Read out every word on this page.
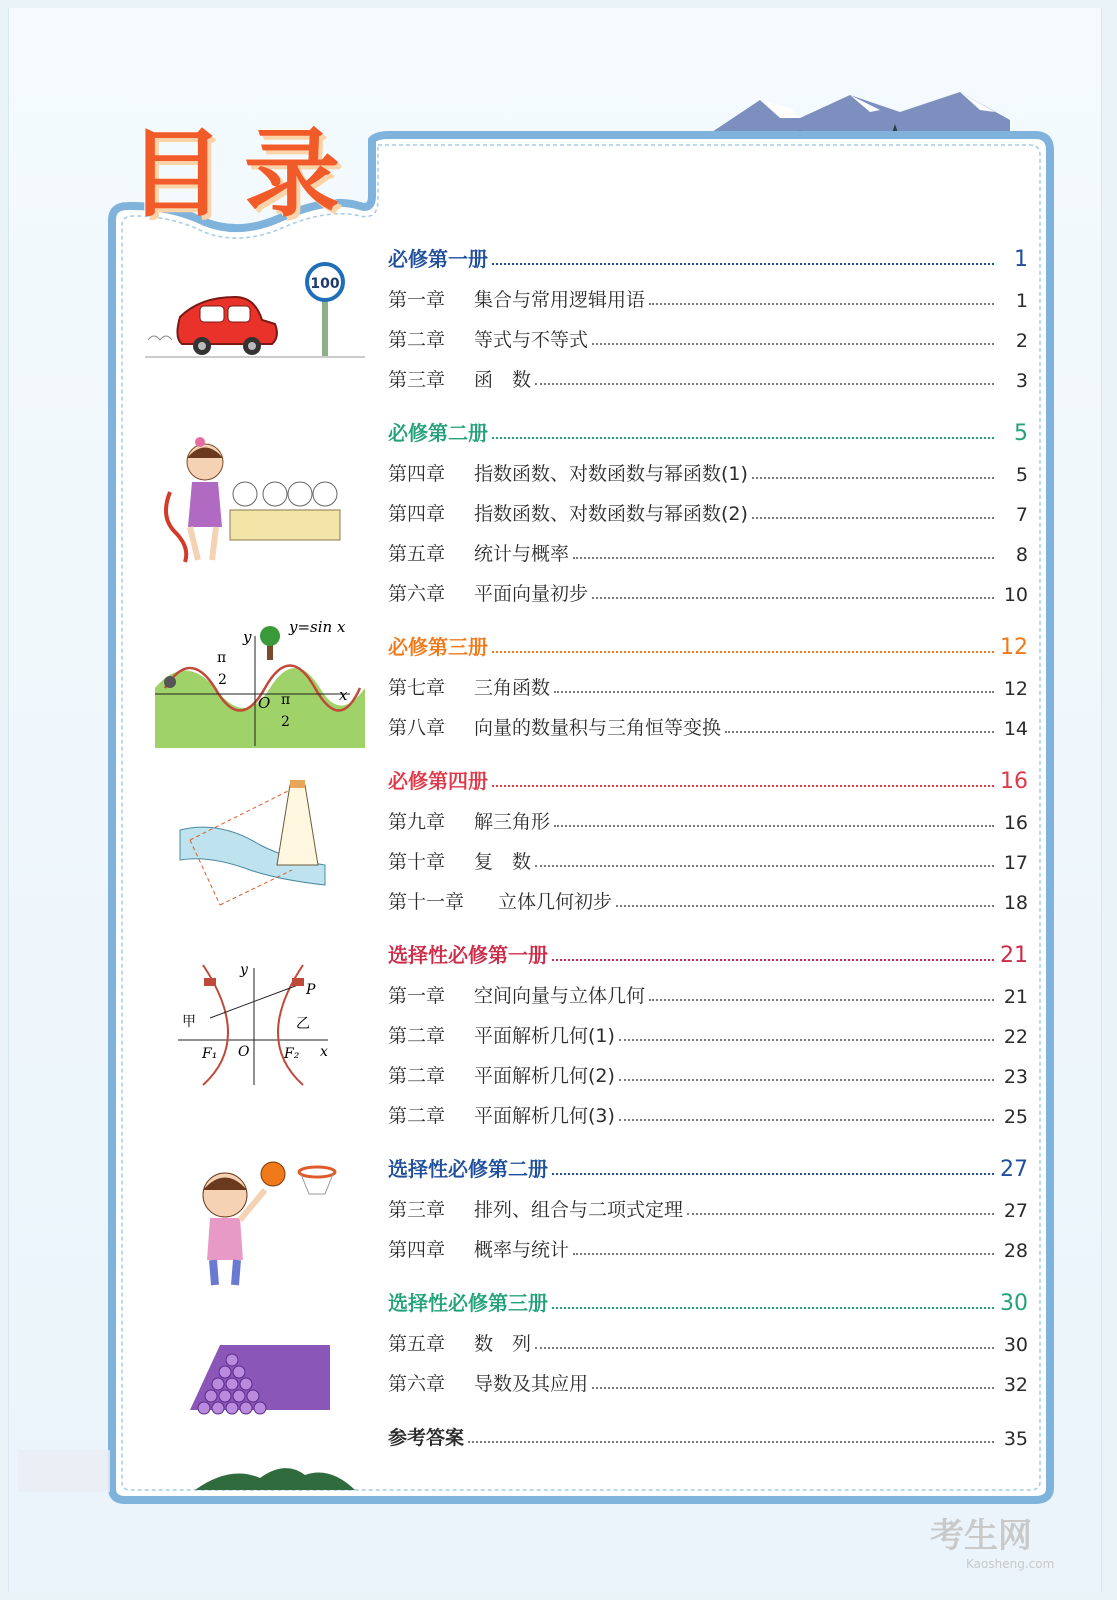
目录
100
y
y=sin x
x
O
π
2
π
2
y
x
O
P
甲	乙
F₁	F₂
必修第一册	1
第一章	集合与常用逻辑用语	1
第二章	等式与不等式	2
第三章	函　数	3
必修第二册	5
第四章	指数函数、对数函数与幂函数(1)	5
第四章	指数函数、对数函数与幂函数(2)	7
第五章	统计与概率	8
第六章	平面向量初步	10
必修第三册	12
第七章	三角函数	12
第八章	向量的数量积与三角恒等变换	14
必修第四册	16
第九章	解三角形	16
第十章	复　数	17
第十一章	立体几何初步	18
选择性必修第一册	21
第一章	空间向量与立体几何	21
第二章	平面解析几何(1)	22
第二章	平面解析几何(2)	23
第二章	平面解析几何(3)	25
选择性必修第二册	27
第三章	排列、组合与二项式定理	27
第四章	概率与统计	28
选择性必修第三册	30
第五章	数　列	30
第六章	导数及其应用	32
参考答案	35
考生网
Kaosheng.com
